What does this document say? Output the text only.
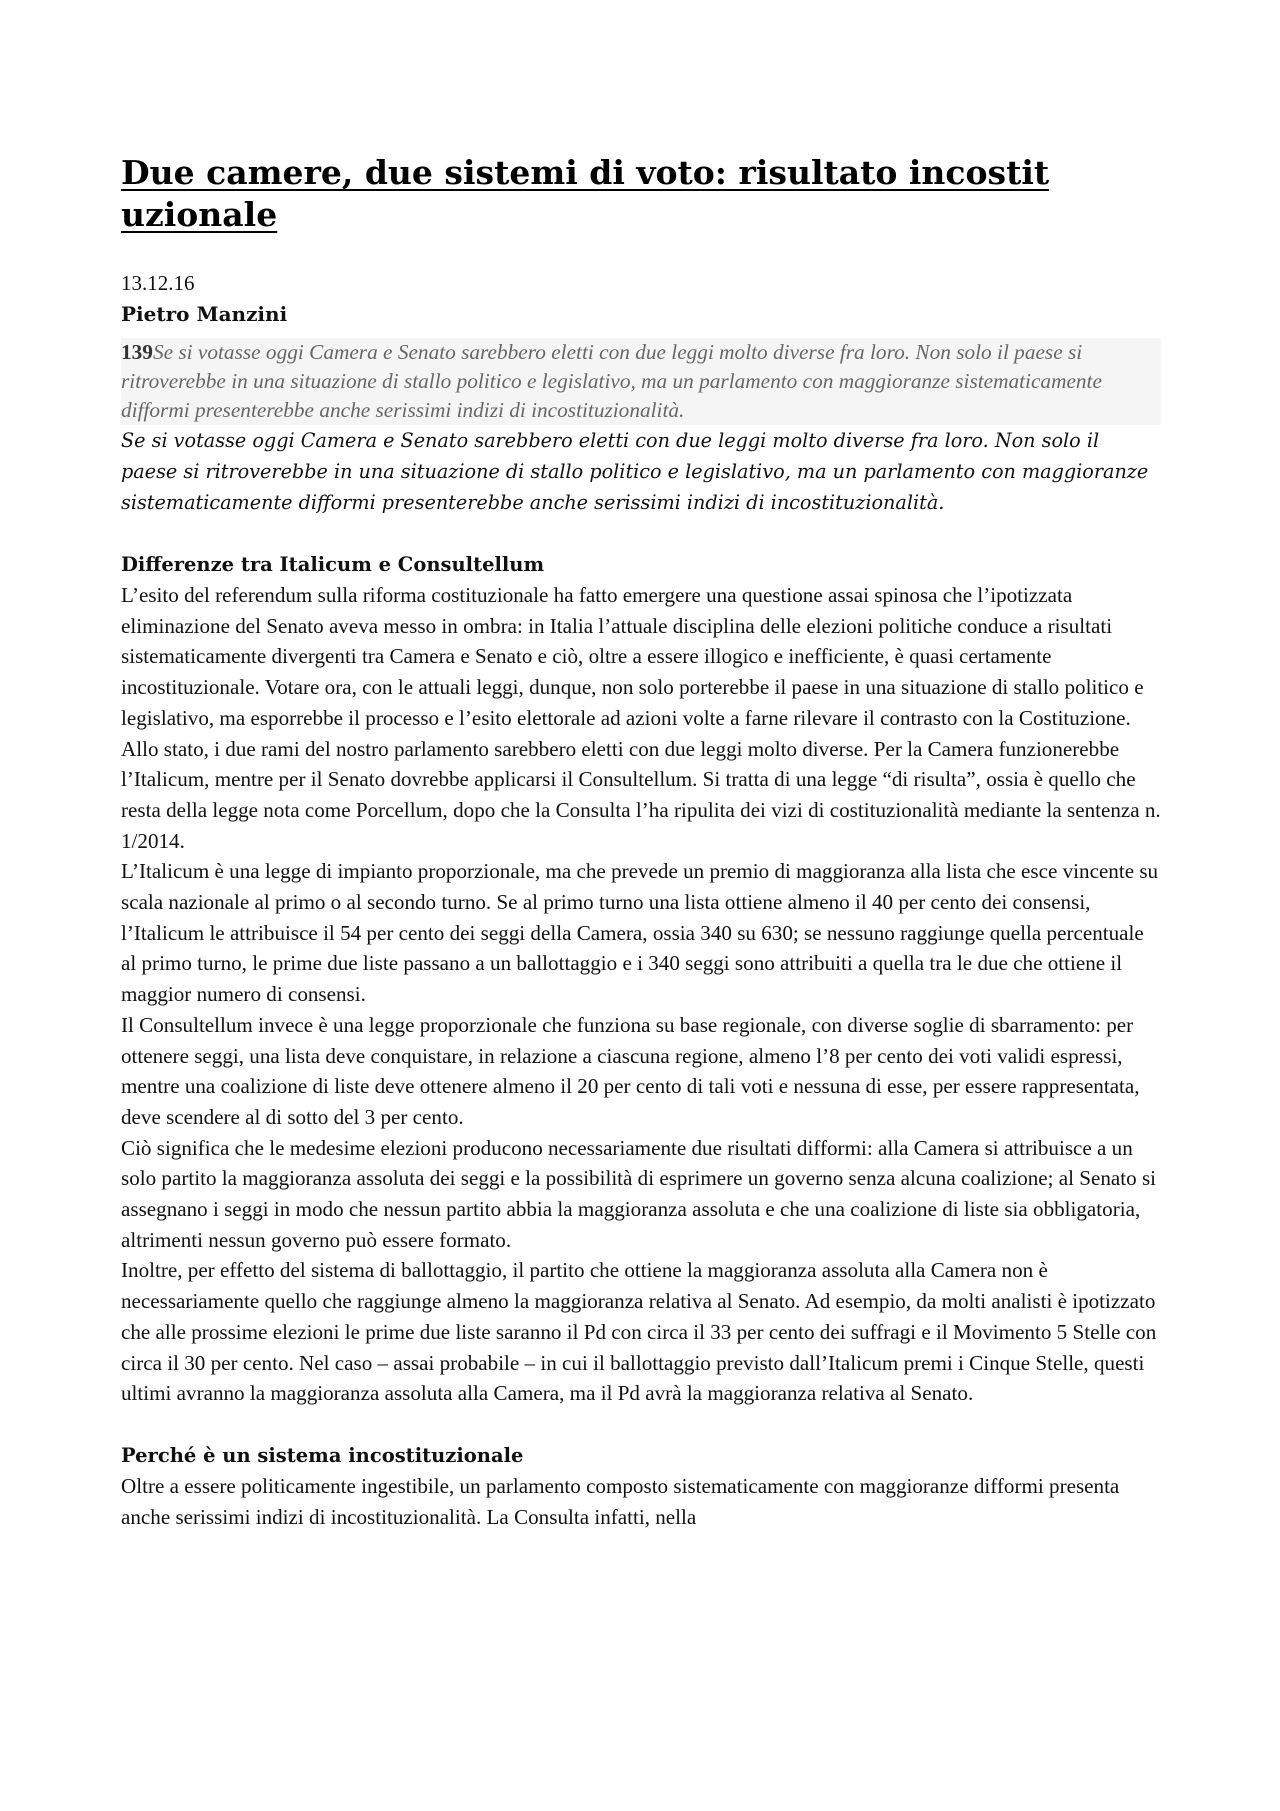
Due camere, due sistemi di voto: risultato incostituzionale
13.12.16
Pietro Manzini
139Se si votasse oggi Camera e Senato sarebbero eletti con due leggi molto diverse fra loro. Non solo il paese si ritroverebbe in una situazione di stallo politico e legislativo, ma un parlamento con maggioranze sistematicamente difformi presenterebbe anche serissimi indizi di incostituzionalità.
Se si votasse oggi Camera e Senato sarebbero eletti con due leggi molto diverse fra loro. Non solo il paese si ritroverebbe in una situazione di stallo politico e legislativo, ma un parlamento con maggioranze sistematicamente difformi presenterebbe anche serissimi indizi di incostituzionalità.
Differenze tra Italicum e Consultellum

L’esito del referendum sulla riforma costituzionale ha fatto emergere una questione assai spinosa che l’ipotizzata eliminazione del Senato aveva messo in ombra: in Italia l’attuale disciplina delle elezioni politiche conduce a risultati sistematicamente divergenti tra Camera e Senato e ciò, oltre a essere illogico e inefficiente, è quasi certamente incostituzionale. Votare ora, con le attuali leggi, dunque, non solo porterebbe il paese in una situazione di stallo politico e legislativo, ma esporrebbe il processo e l’esito elettorale ad azioni volte a farne rilevare il contrasto con la Costituzione.

Allo stato, i due rami del nostro parlamento sarebbero eletti con due leggi molto diverse. Per la Camera funzionerebbe l’Italicum, mentre per il Senato dovrebbe applicarsi il Consultellum. Si tratta di una legge “di risulta”, ossia è quello che resta della legge nota come Porcellum, dopo che la Consulta l’ha ripulita dei vizi di costituzionalità mediante la sentenza n. 1/2014.

L’Italicum è una legge di impianto proporzionale, ma che prevede un premio di maggioranza alla lista che esce vincente su scala nazionale al primo o al secondo turno. Se al primo turno una lista ottiene almeno il 40 per cento dei consensi, l’Italicum le attribuisce il 54 per cento dei seggi della Camera, ossia 340 su 630; se nessuno raggiunge quella percentuale al primo turno, le prime due liste passano a un ballottaggio e i 340 seggi sono attribuiti a quella tra le due che ottiene il maggior numero di consensi.

Il Consultellum invece è una legge proporzionale che funziona su base regionale, con diverse soglie di sbarramento: per ottenere seggi, una lista deve conquistare, in relazione a ciascuna regione, almeno l’8 per cento dei voti validi espressi, mentre una coalizione di liste deve ottenere almeno il 20 per cento di tali voti e nessuna di esse, per essere rappresentata, deve scendere al di sotto del 3 per cento.

Ciò significa che le medesime elezioni producono necessariamente due risultati difformi: alla Camera si attribuisce a un solo partito la maggioranza assoluta dei seggi e la possibilità di esprimere un governo senza alcuna coalizione; al Senato si assegnano i seggi in modo che nessun partito abbia la maggioranza assoluta e che una coalizione di liste sia obbligatoria, altrimenti nessun governo può essere formato.

Inoltre, per effetto del sistema di ballottaggio, il partito che ottiene la maggioranza assoluta alla Camera non è necessariamente quello che raggiunge almeno la maggioranza relativa al Senato. Ad esempio, da molti analisti è ipotizzato che alle prossime elezioni le prime due liste saranno il Pd con circa il 33 per cento dei suffragi e il Movimento 5 Stelle con circa il 30 per cento. Nel caso – assai probabile – in cui il ballottaggio previsto dall’Italicum premi i Cinque Stelle, questi ultimi avranno la maggioranza assoluta alla Camera, ma il Pd avrà la maggioranza relativa al Senato.

Perché è un sistema incostituzionale

Oltre a essere politicamente ingestibile, un parlamento composto sistematicamente con maggioranze difformi presenta anche serissimi indizi di incostituzionalità. La Consulta infatti, nella
